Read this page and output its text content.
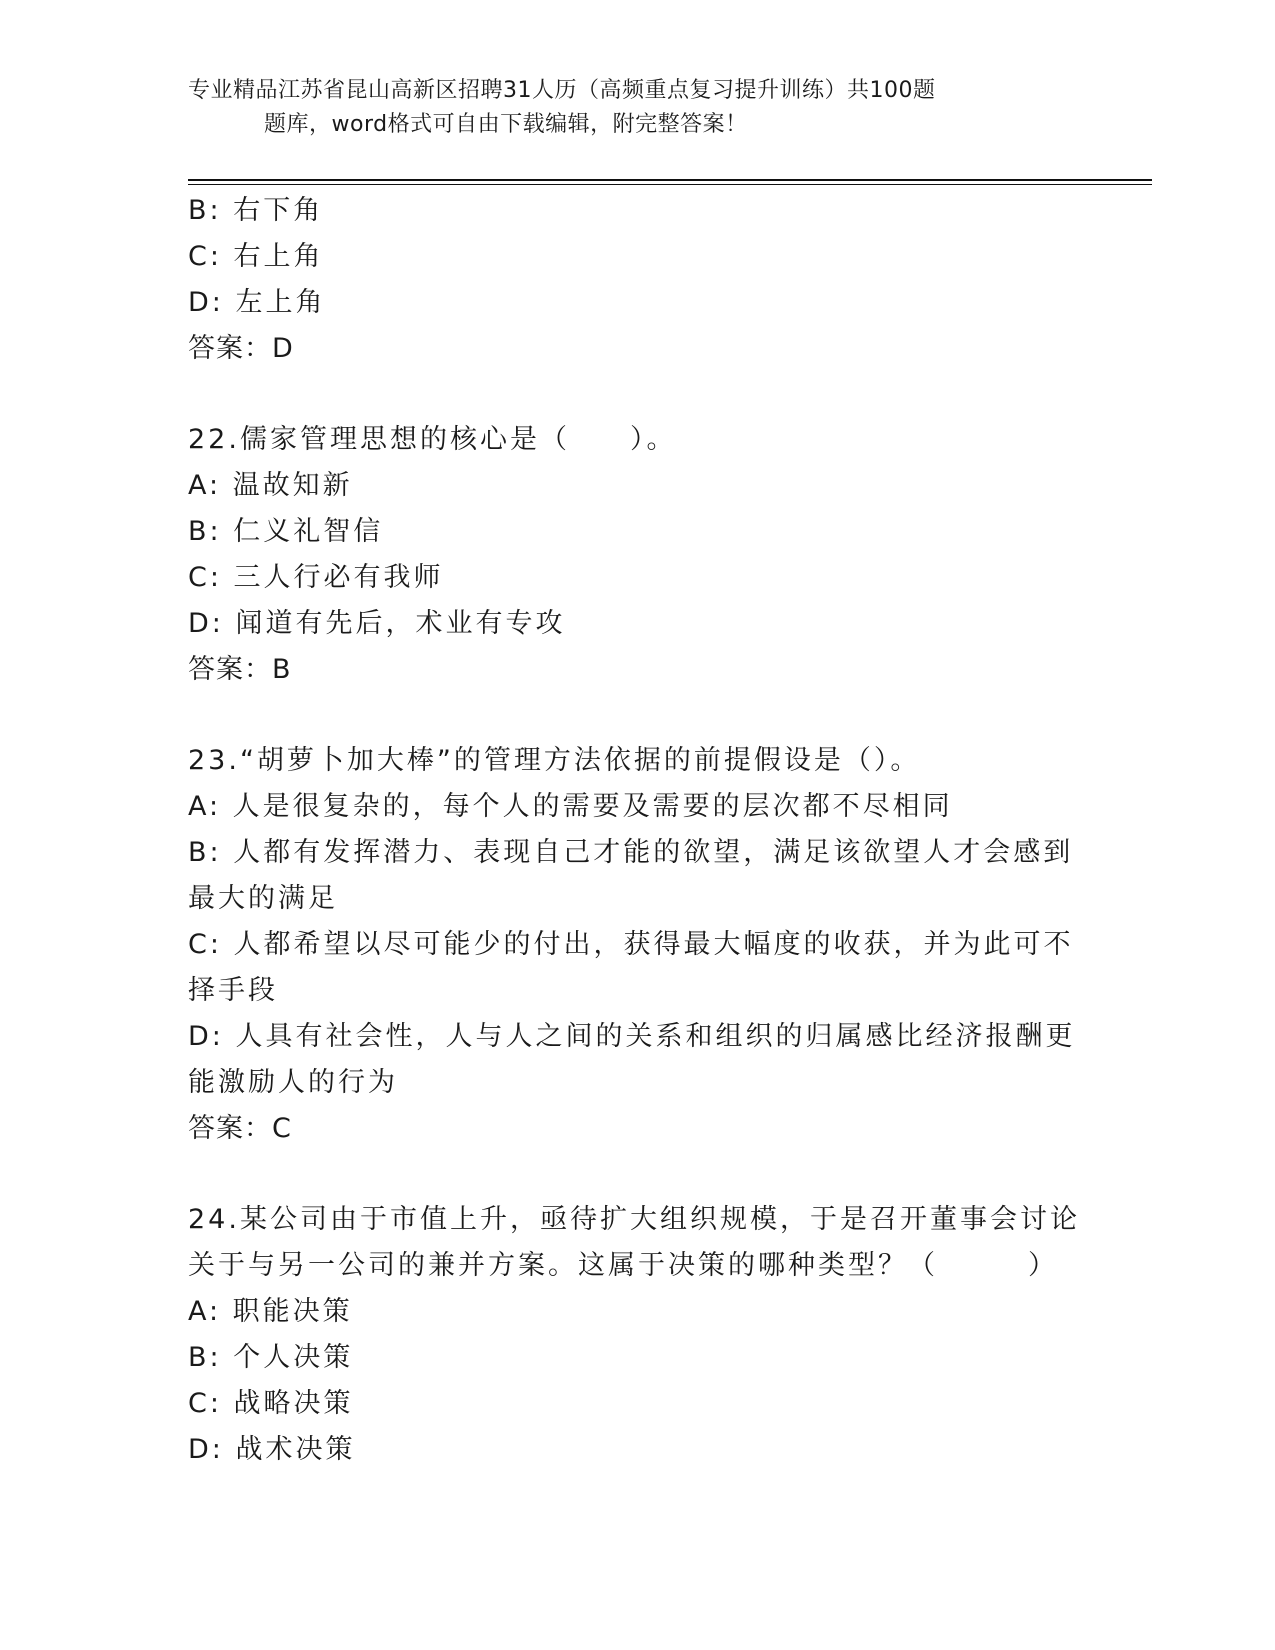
专业精品江苏省昆山高新区招聘31人历（高频重点复习提升训练）共100题
题库，word格式可自由下载编辑，附完整答案！
B: 右下角
C: 右上角
D: 左上角
答案：D
22.儒家管理思想的核心是（　　）。
A: 温故知新
B: 仁义礼智信
C: 三人行必有我师
D: 闻道有先后，术业有专攻
答案：B
23.“胡萝卜加大棒”的管理方法依据的前提假设是（）。
A: 人是很复杂的，每个人的需要及需要的层次都不尽相同
B: 人都有发挥潜力、表现自己才能的欲望，满足该欲望人才会感到最大的满足
C: 人都希望以尽可能少的付出，获得最大幅度的收获，并为此可不择手段
D: 人具有社会性，人与人之间的关系和组织的归属感比经济报酬更能激励人的行为
答案：C
24.某公司由于市值上升，亟待扩大组织规模，于是召开董事会讨论关于与另一公司的兼并方案。这属于决策的哪种类型？（　　　）
A: 职能决策
B: 个人决策
C: 战略决策
D: 战术决策
